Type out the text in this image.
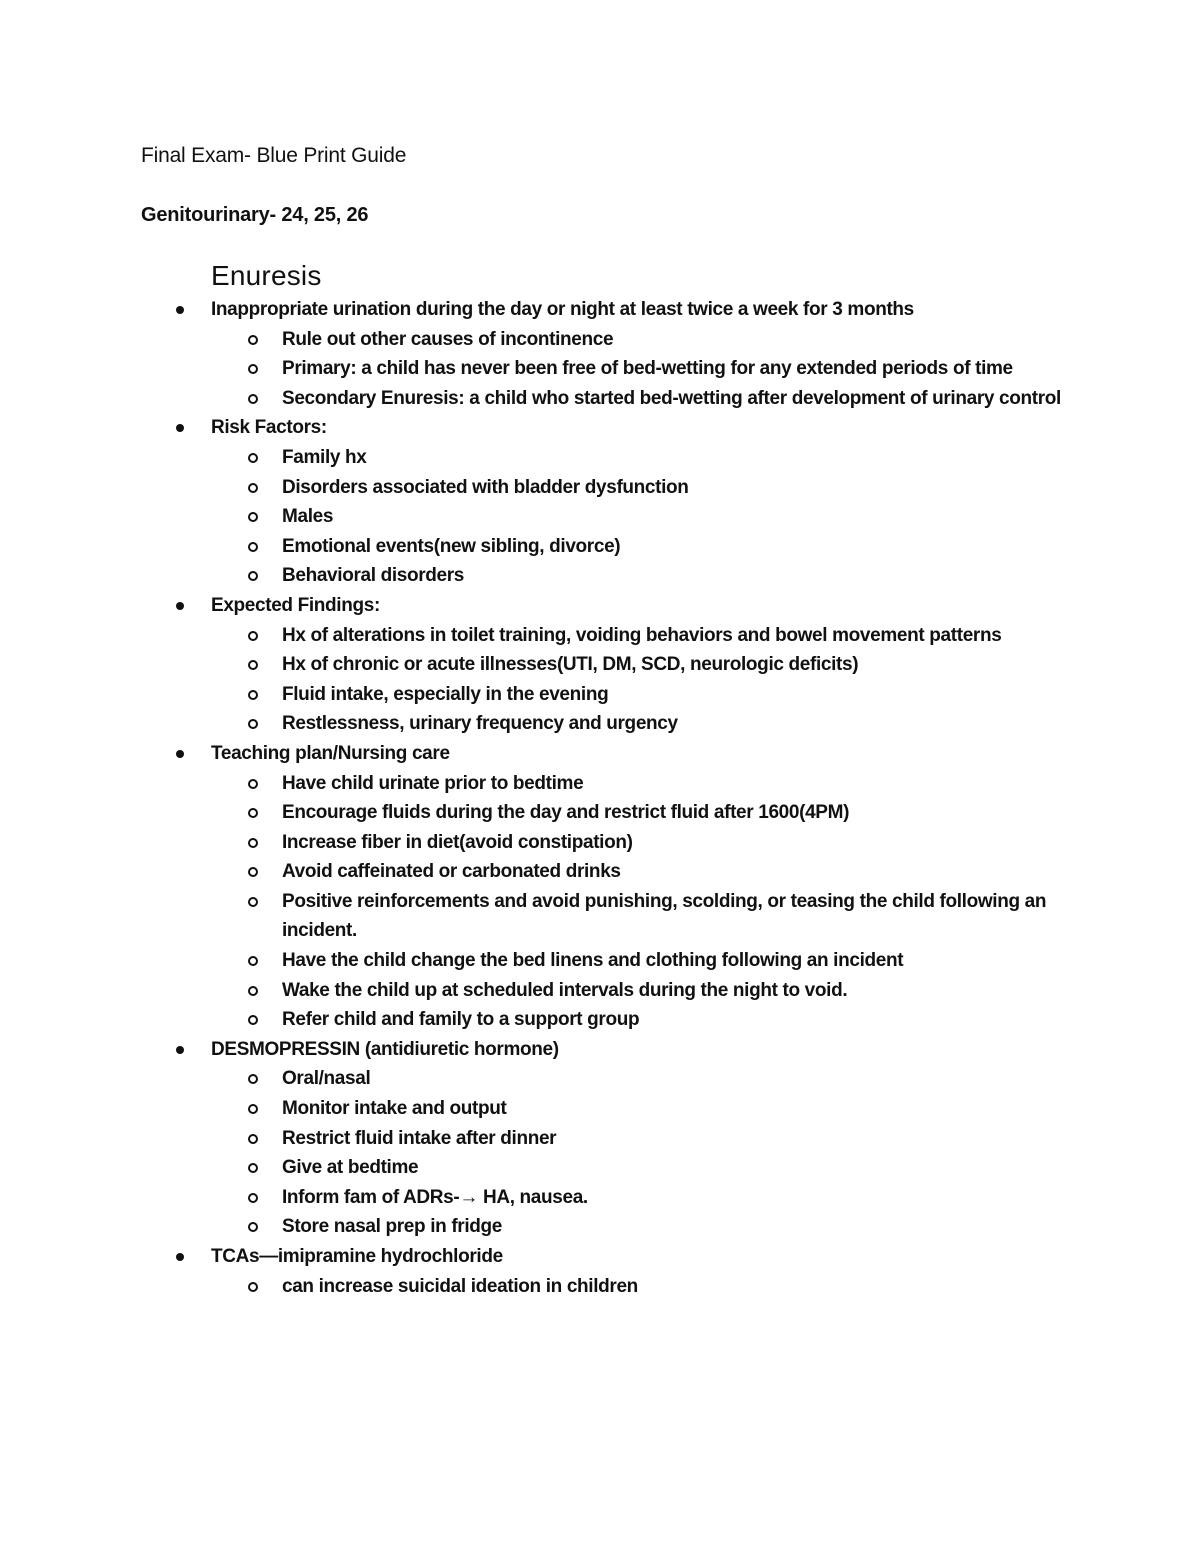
Final Exam- Blue Print Guide
Genitourinary- 24, 25, 26
Enuresis
Inappropriate urination during the day or night at least twice a week for 3 months
Rule out other causes of incontinence
Primary: a child has never been free of bed-wetting for any extended periods of time
Secondary Enuresis: a child who started bed-wetting after development of urinary control
Risk Factors:
Family hx
Disorders associated with bladder dysfunction
Males
Emotional events(new sibling, divorce)
Behavioral disorders
Expected Findings:
Hx of alterations in toilet training, voiding behaviors and bowel movement patterns
Hx of chronic or acute illnesses(UTI, DM, SCD, neurologic deficits)
Fluid intake, especially in the evening
Restlessness, urinary frequency and urgency
Teaching plan/Nursing care
Have child urinate prior to bedtime
Encourage fluids during the day and restrict fluid after 1600(4PM)
Increase fiber in diet(avoid constipation)
Avoid caffeinated or carbonated drinks
Positive reinforcements and avoid punishing, scolding, or teasing the child following an incident.
Have the child change the bed linens and clothing following an incident
Wake the child up at scheduled intervals during the night to void.
Refer child and family to a support group
DESMOPRESSIN (antidiuretic hormone)
Oral/nasal
Monitor intake and output
Restrict fluid intake after dinner
Give at bedtime
Inform fam of ADRs-→ HA, nausea.
Store nasal prep in fridge
TCAs—imipramine hydrochloride
can increase suicidal ideation in children
